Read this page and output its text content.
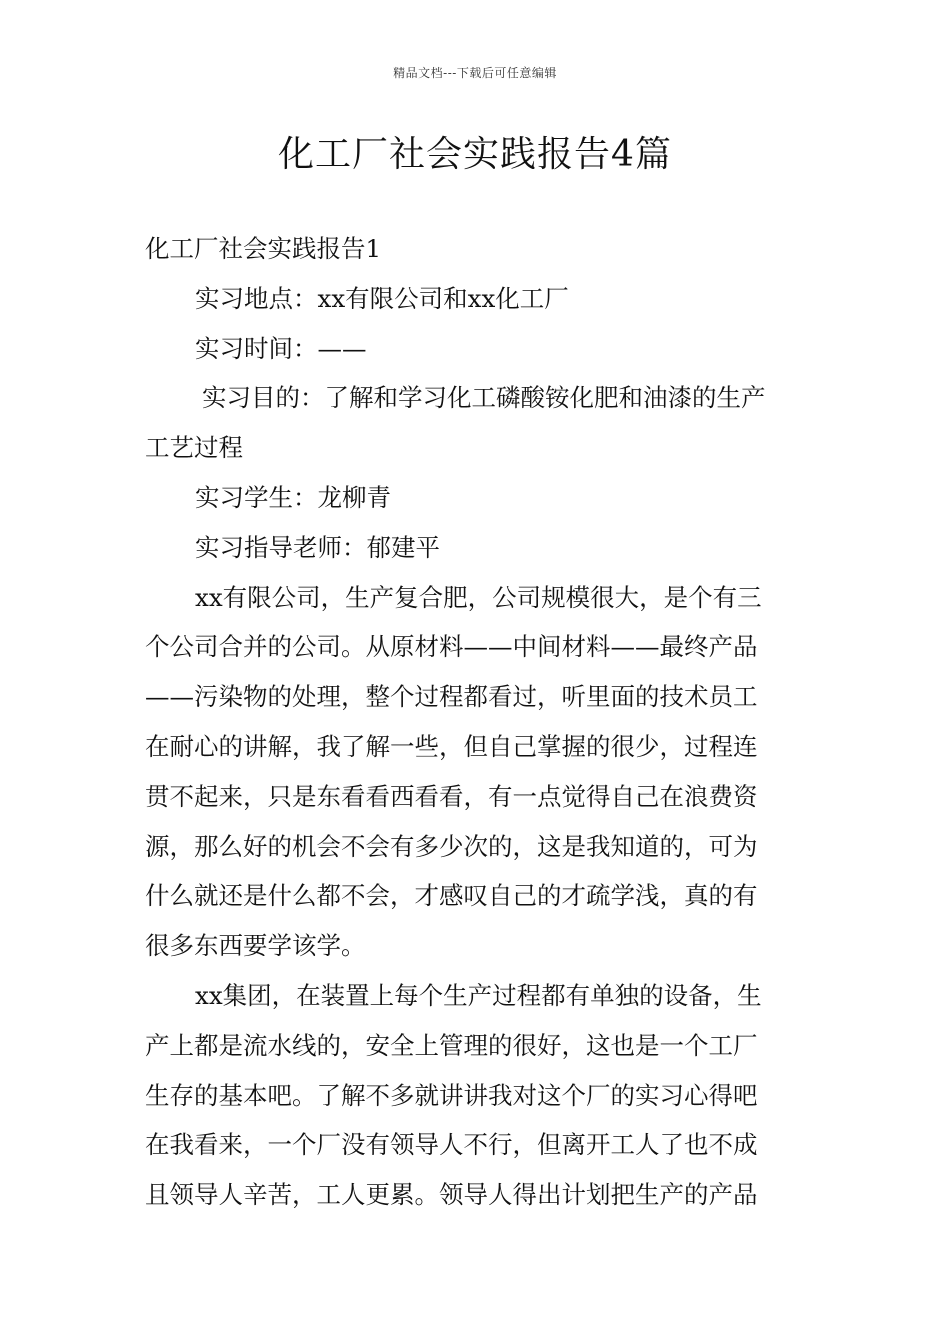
精品文档---下载后可任意编辑
化工厂社会实践报告4篇
化工厂社会实践报告1
实习地点：xx有限公司和xx化工厂
实习时间：——
实习目的：了解和学习化工磷酸铵化肥和油漆的生产
工艺过程
实习学生：龙柳青
实习指导老师：郁建平
xx有限公司，生产复合肥，公司规模很大，是个有三
个公司合并的公司。从原材料——中间材料——最终产品
——污染物的处理，整个过程都看过，听里面的技术员工
在耐心的讲解，我了解一些，但自己掌握的很少，过程连
贯不起来，只是东看看西看看，有一点觉得自己在浪费资
源，那么好的机会不会有多少次的，这是我知道的，可为
什么就还是什么都不会，才感叹自己的才疏学浅，真的有
很多东西要学该学。
xx集团，在装置上每个生产过程都有单独的设备，生
产上都是流水线的，安全上管理的很好，这也是一个工厂
生存的基本吧。了解不多就讲讲我对这个厂的实习心得吧
在我看来，一个厂没有领导人不行，但离开工人了也不成
且领导人辛苦，工人更累。领导人得出计划把生产的产品
